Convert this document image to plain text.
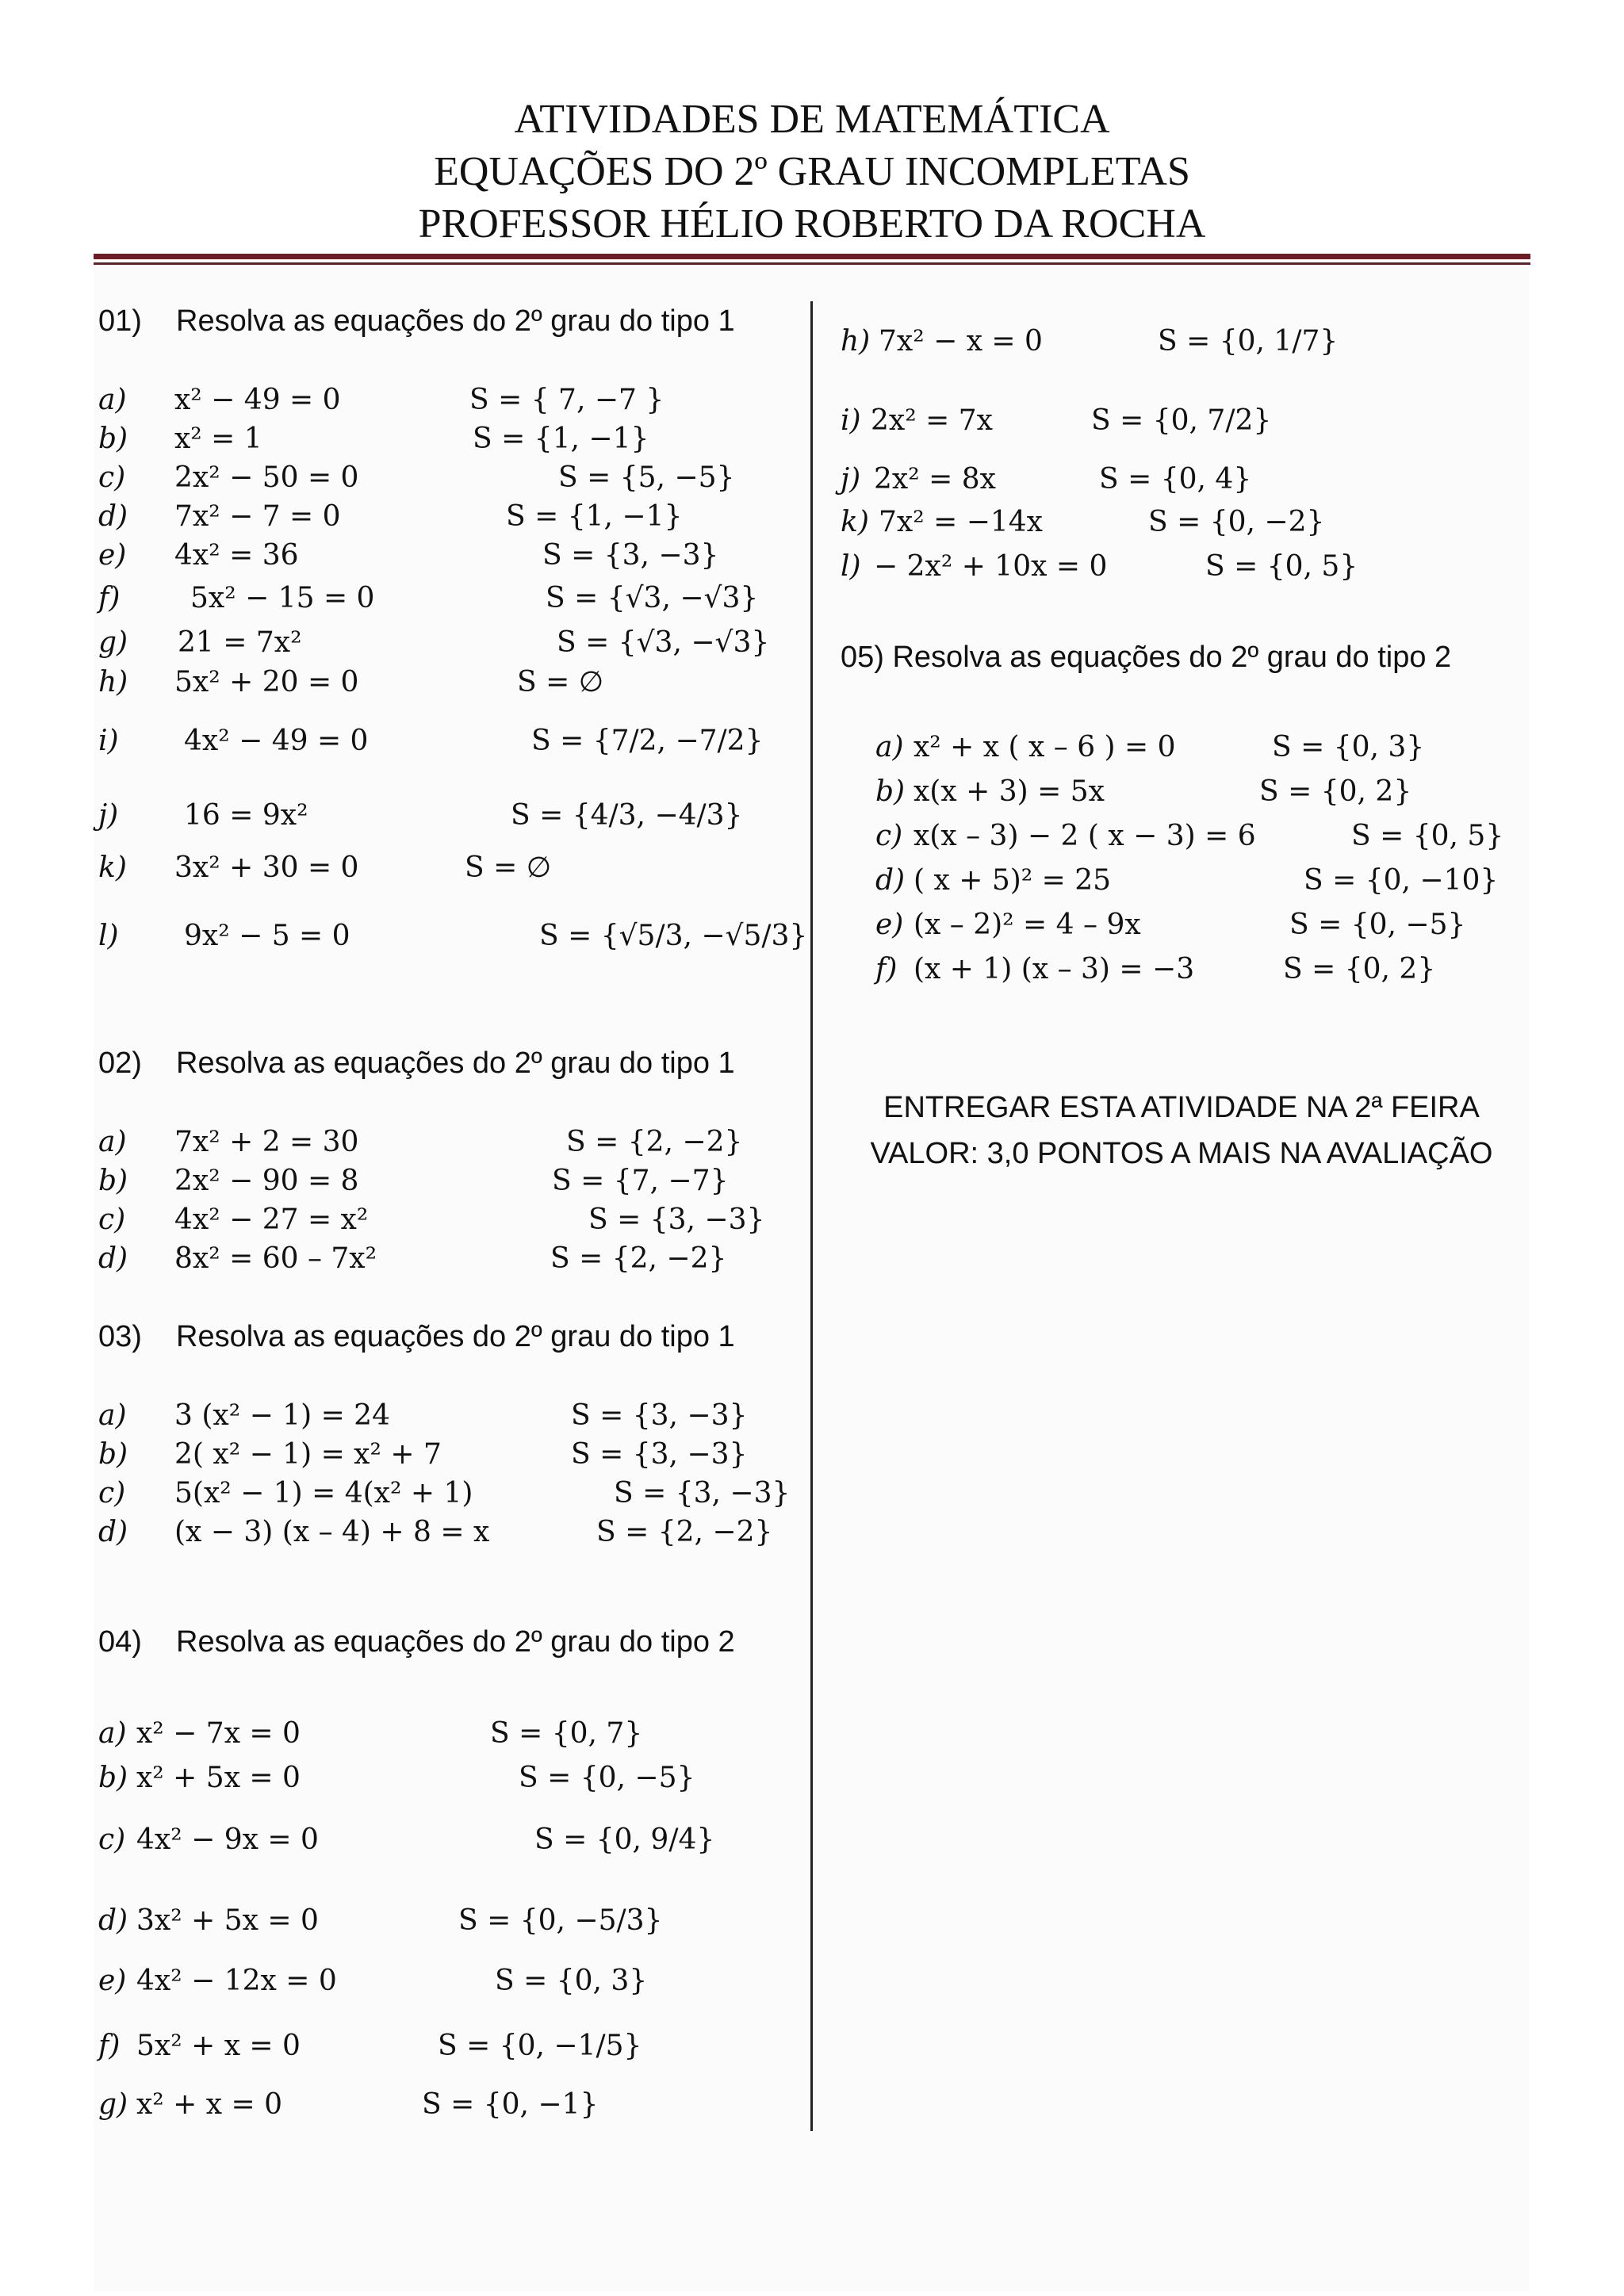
ATIVIDADES DE MATEMÁTICA
EQUAÇÕES DO 2º GRAU INCOMPLETAS
PROFESSOR HÉLIO ROBERTO DA ROCHA
01) Resolva as equações do 2º grau do tipo 1
a) x² − 49 = 0	S = { 7, −7 }
b) x² = 1	S = {1, −1}
c) 2x² − 50 = 0	S = {5, −5}
d) 7x² − 7 = 0	S = {1, −1}
e) 4x² = 36	S = {3, −3}
f) 5x² − 15 = 0	S = {√3, −√3}
g) 21 = 7x²	S = {√3, −√3}
h) 5x² + 20 = 0	S = ∅
i) 4x² − 49 = 0	S = {7/2, −7/2}
j) 16 = 9x²	S = {4/3, −4/3}
k) 3x² + 30 = 0	S = ∅
l) 9x² − 5 = 0	S = {√5/3, −√5/3}
02) Resolva as equações do 2º grau do tipo 1
a) 7x² + 2 = 30	S = {2, −2}
b) 2x² − 90 = 8	S = {7, −7}
c) 4x² − 27 = x²	S = {3, −3}
d) 8x² = 60 – 7x²	S = {2, −2}
03) Resolva as equações do 2º grau do tipo 1
a) 3 (x² − 1) = 24	S = {3, −3}
b) 2( x² − 1) = x² + 7	S = {3, −3}
c) 5(x² − 1) = 4(x² + 1)	S = {3, −3}
d) (x − 3) (x – 4) + 8 = x	S = {2, −2}
04) Resolva as equações do 2º grau do tipo 2
a) x² − 7x = 0	S = {0, 7}
b) x² + 5x = 0	S = {0, −5}
c) 4x² − 9x = 0	S = {0, 9/4}
d) 3x² + 5x = 0	S = {0, −5/3}
e) 4x² − 12x = 0	S = {0, 3}
f) 5x² + x = 0	S = {0, −1/5}
g) x² + x = 0	S = {0, −1}
h) 7x² − x = 0	S = {0, 1/7}
i) 2x² = 7x	S = {0, 7/2}
j) 2x² = 8x	S = {0, 4}
k) 7x² = −14x	S = {0, −2}
l) − 2x² + 10x = 0	S = {0, 5}
05) Resolva as equações do 2º grau do tipo 2
a) x² + x ( x – 6 ) = 0	S = {0, 3}
b) x(x + 3) = 5x	S = {0, 2}
c) x(x – 3) − 2 ( x − 3) = 6	S = {0, 5}
d) ( x + 5)² = 25	S = {0, −10}
e) (x – 2)² = 4 – 9x	S = {0, −5}
f) (x + 1) (x – 3) = −3	S = {0, 2}
ENTREGAR ESTA ATIVIDADE NA 2ª FEIRA
VALOR: 3,0 PONTOS A MAIS NA AVALIAÇÃO
